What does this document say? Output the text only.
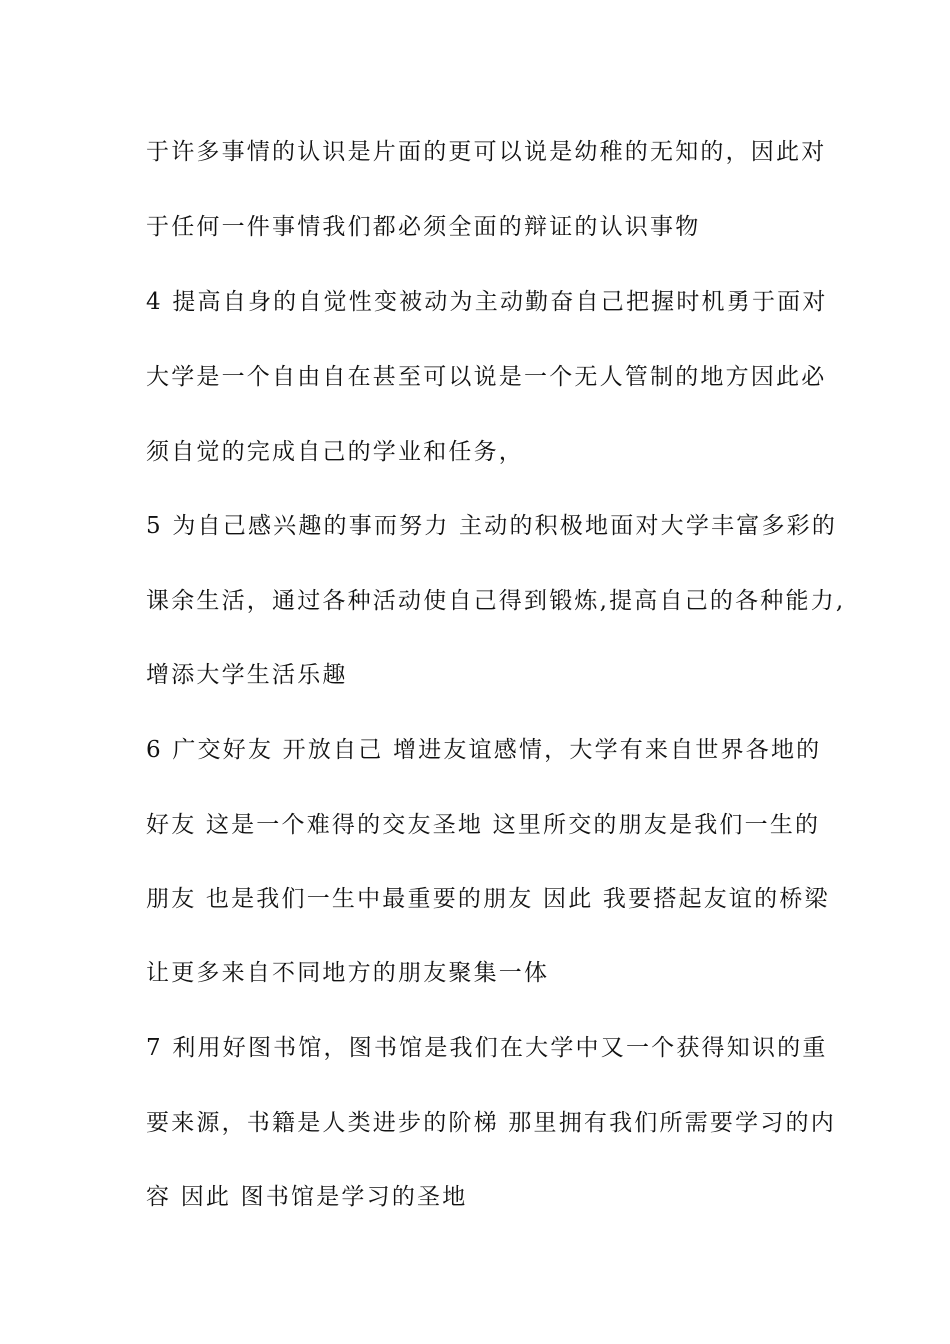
于许多事情的认识是片面的更可以说是幼稚的无知的，因此对
于任何一件事情我们都必须全面的辩证的认识事物
4 提高自身的自觉性变被动为主动勤奋自己把握时机勇于面对
大学是一个自由自在甚至可以说是一个无人管制的地方因此必
须自觉的完成自己的学业和任务，
5 为自己感兴趣的事而努力 主动的积极地面对大学丰富多彩的
课余生活，通过各种活动使自己得到锻炼,提高自己的各种能力,
增添大学生活乐趣
6 广交好友 开放自己 增进友谊感情，大学有来自世界各地的
好友 这是一个难得的交友圣地 这里所交的朋友是我们一生的
朋友 也是我们一生中最重要的朋友 因此 我要搭起友谊的桥梁
让更多来自不同地方的朋友聚集一体
7 利用好图书馆，图书馆是我们在大学中又一个获得知识的重
要来源，书籍是人类进步的阶梯 那里拥有我们所需要学习的内
容 因此 图书馆是学习的圣地
